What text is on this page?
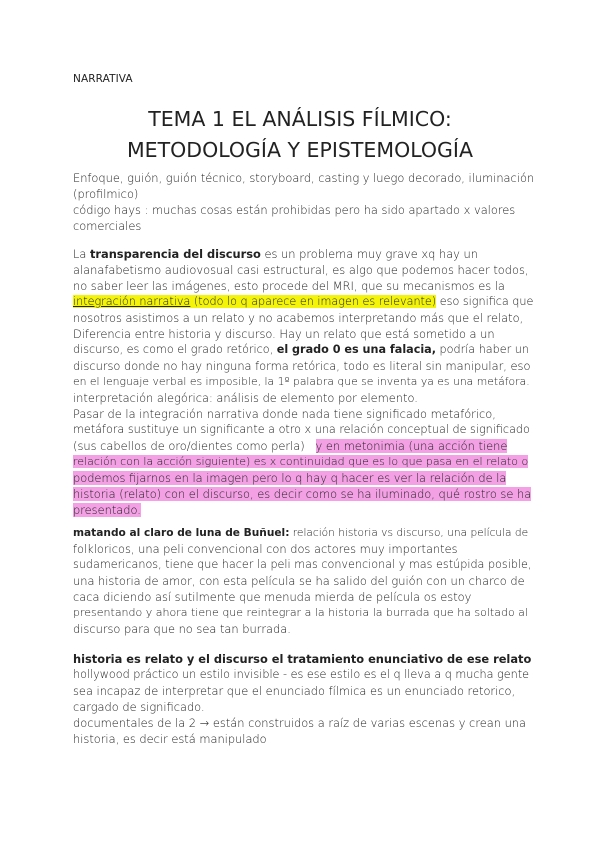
NARRATIVA
TEMA 1 EL ANÁLISIS FÍLMICO:
METODOLOGÍA Y EPISTEMOLOGÍA
Enfoque, guión, guión técnico, storyboard, casting y luego decorado, iluminación
(profilmico)
código hays : muchas cosas están prohibidas pero ha sido apartado x valores
comerciales
La transparencia del discurso es un problema muy grave xq hay un
alanafabetismo audiovosual casi estructural, es algo que podemos hacer todos,
no saber leer las imágenes, esto procede del MRI, que su mecanismos es la
integración narrativa (todo lo q aparece en imagen es relevante) eso significa que
nosotros asistimos a un relato y no acabemos interpretando más que el relato,
Diferencia entre historia y discurso. Hay un relato que está sometido a un
discurso, es como el grado retórico, el grado 0 es una falacia, podría haber un
discurso donde no hay ninguna forma retórica, todo es literal sin manipular, eso
en el lenguaje verbal es imposible, la 1º palabra que se inventa ya es una metáfora.
interpretación alegórica: análisis de elemento por elemento.
Pasar de la integración narrativa donde nada tiene significado metafórico,
metáfora sustituye un significante a otro x una relación conceptual de significado
(sus cabellos de oro/dientes como perla)   y en metonimia (una acción tiene
relación con la acción siguiente) es x continuidad que es lo que pasa en el relato o
podemos fijarnos en la imagen pero lo q hay q hacer es ver la relación de la
historia (relato) con el discurso, es decir como se ha iluminado, qué rostro se ha
presentado.
matando al claro de luna de Buñuel: relación historia vs discurso, una película de
folkloricos, una peli convencional con dos actores muy importantes
sudamericanos, tiene que hacer la peli mas convencional y mas estúpida posible,
una historia de amor, con esta película se ha salido del guión con un charco de
caca diciendo así sutilmente que menuda mierda de película os estoy
presentando y ahora tiene que reintegrar a la historia la burrada que ha soltado al
discurso para que no sea tan burrada.
historia es relato y el discurso el tratamiento enunciativo de ese relato
hollywood práctico un estilo invisible - es ese estilo es el q lleva a q mucha gente
sea incapaz de interpretar que el enunciado fílmica es un enunciado retorico,
cargado de significado.
documentales de la 2 → están construidos a raíz de varias escenas y crean una
historia, es decir está manipulado
